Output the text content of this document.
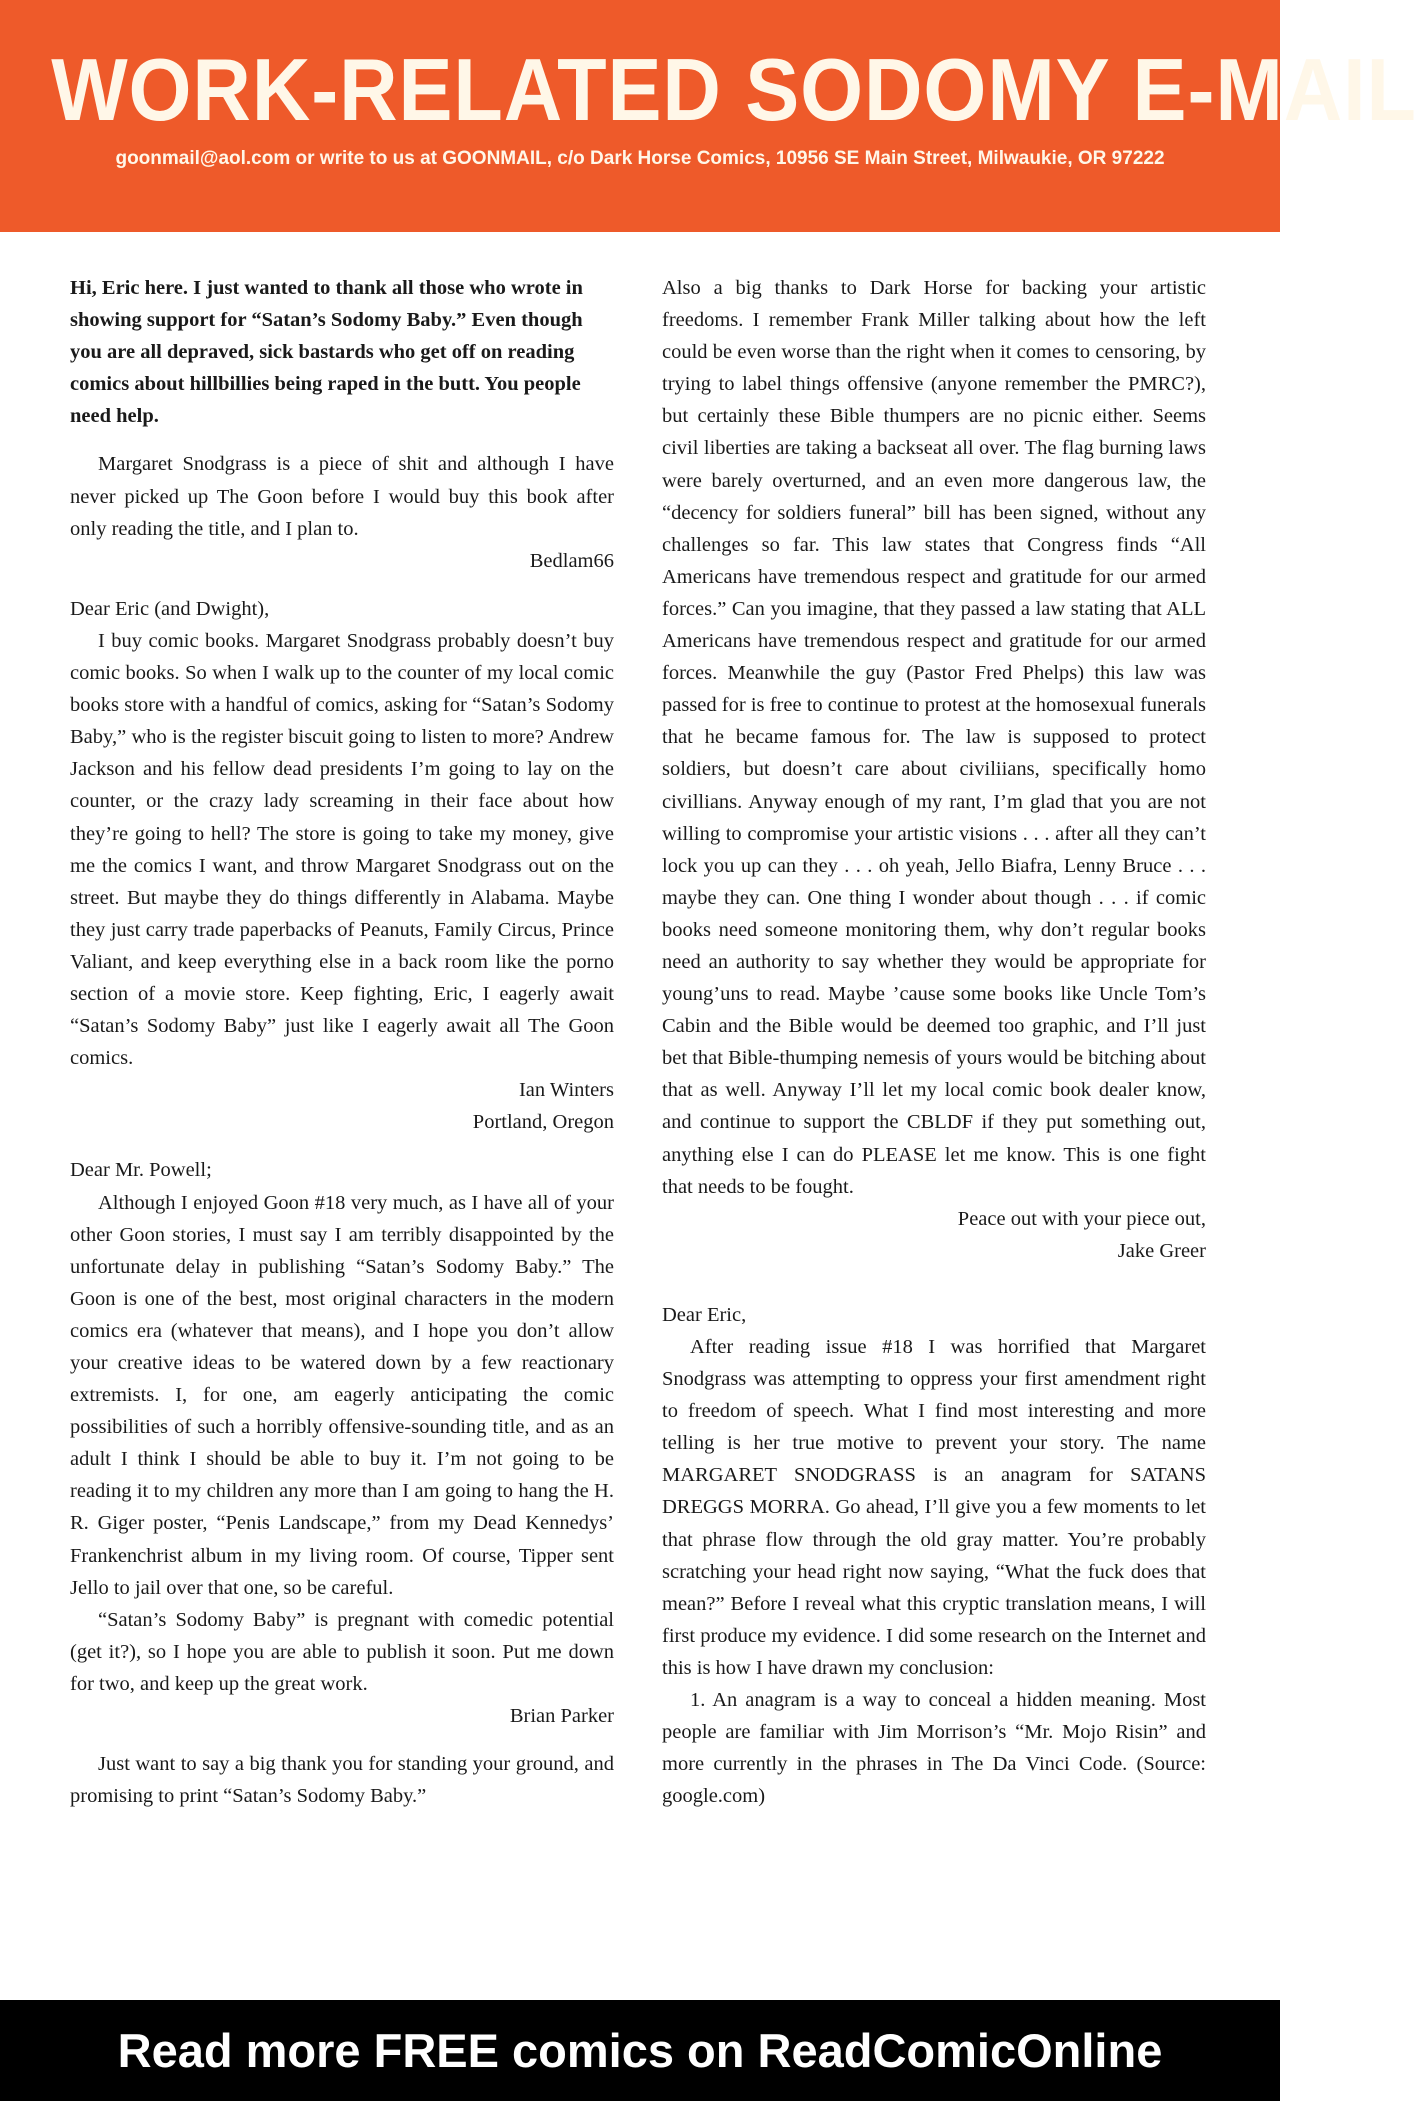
WORK-RELATED SODOMY E-MAIL
goonmail@aol.com or write to us at GOONMAIL, c/o Dark Horse Comics, 10956 SE Main Street, Milwaukie, OR 97222

Hi, Eric here. I just wanted to thank all those who wrote in showing support for “Satan’s Sodomy Baby.” Even though you are all depraved, sick bastards who get off on reading comics about hillbillies being raped in the butt. You people need help.

Margaret Snodgrass is a piece of shit and although I have never picked up The Goon before I would buy this book after only reading the title, and I plan to.

Bedlam66

Dear Eric (and Dwight),

I buy comic books. Margaret Snodgrass probably doesn’t buy comic books. So when I walk up to the counter of my local comic books store with a handful of comics, asking for “Satan’s Sodomy Baby,” who is the register biscuit going to listen to more? Andrew Jackson and his fellow dead presidents I’m going to lay on the counter, or the crazy lady screaming in their face about how they’re going to hell? The store is going to take my money, give me the comics I want, and throw Margaret Snodgrass out on the street. But maybe they do things differently in Alabama. Maybe they just carry trade paperbacks of Peanuts, Family Circus, Prince Valiant, and keep everything else in a back room like the porno section of a movie store. Keep fighting, Eric, I eagerly await “Satan’s Sodomy Baby” just like I eagerly await all The Goon comics.

Ian Winters

Portland, Oregon

Dear Mr. Powell;

Although I enjoyed Goon #18 very much, as I have all of your other Goon stories, I must say I am terribly disappointed by the unfortunate delay in publishing “Satan’s Sodomy Baby.” The Goon is one of the best, most original characters in the modern comics era (whatever that means), and I hope you don’t allow your creative ideas to be watered down by a few reactionary extremists. I, for one, am eagerly anticipating the comic possibilities of such a horribly offensive-sounding title, and as an adult I think I should be able to buy it. I’m not going to be reading it to my children any more than I am going to hang the H. R. Giger poster, “Penis Landscape,” from my Dead Kennedys’ Frankenchrist album in my living room. Of course, Tipper sent Jello to jail over that one, so be careful.

“Satan’s Sodomy Baby” is pregnant with comedic potential (get it?), so I hope you are able to publish it soon. Put me down for two, and keep up the great work.

Brian Parker

Just want to say a big thank you for standing your ground, and promising to print “Satan’s Sodomy Baby.”

Also a big thanks to Dark Horse for backing your artistic freedoms. I remember Frank Miller talking about how the left could be even worse than the right when it comes to censoring, by trying to label things offensive (anyone remember the PMRC?), but certainly these Bible thumpers are no picnic either. Seems civil liberties are taking a backseat all over. The flag burning laws were barely overturned, and an even more dangerous law, the “decency for soldiers funeral” bill has been signed, without any challenges so far. This law states that Congress finds “All Americans have tremendous respect and gratitude for our armed forces.” Can you imagine, that they passed a law stating that ALL Americans have tremendous respect and gratitude for our armed forces. Meanwhile the guy (Pastor Fred Phelps) this law was passed for is free to continue to protest at the homosexual funerals that he became famous for. The law is supposed to protect soldiers, but doesn’t care about civiliians, specifically homo civillians. Anyway enough of my rant, I’m glad that you are not willing to compromise your artistic visions . . . after all they can’t lock you up can they . . . oh yeah, Jello Biafra, Lenny Bruce . . . maybe they can. One thing I wonder about though . . . if comic books need someone monitoring them, why don’t regular books need an authority to say whether they would be appropriate for young’uns to read. Maybe ’cause some books like Uncle Tom’s Cabin and the Bible would be deemed too graphic, and I’ll just bet that Bible-thumping nemesis of yours would be bitching about that as well. Anyway I’ll let my local comic book dealer know, and continue to support the CBLDF if they put something out, anything else I can do PLEASE let me know. This is one fight that needs to be fought.

Peace out with your piece out,

Jake Greer

Dear Eric,

After reading issue #18 I was horrified that Margaret Snodgrass was attempting to oppress your first amendment right to freedom of speech. What I find most interesting and more telling is her true motive to prevent your story. The name MARGARET SNODGRASS is an anagram for SATANS DREGGS MORRA. Go ahead, I’ll give you a few moments to let that phrase flow through the old gray matter. You’re probably scratching your head right now saying, “What the fuck does that mean?” Before I reveal what this cryptic translation means, I will first produce my evidence. I did some research on the Internet and this is how I have drawn my conclusion:

1. An anagram is a way to conceal a hidden meaning. Most people are familiar with Jim Morrison’s “Mr. Mojo Risin” and more currently in the phrases in The Da Vinci Code. (Source: google.com)

Read more FREE comics on ReadComicOnline
